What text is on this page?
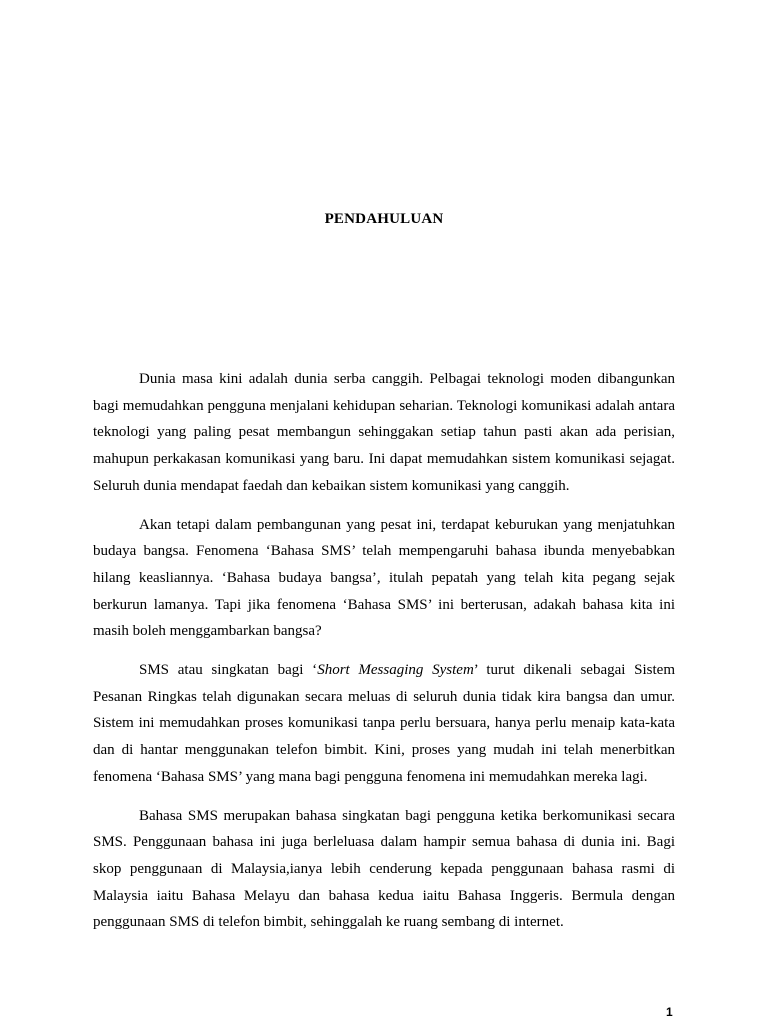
PENDAHULUAN

Dunia masa kini adalah dunia serba canggih. Pelbagai teknologi moden dibangunkan bagi memudahkan pengguna menjalani kehidupan seharian. Teknologi komunikasi adalah antara teknologi yang paling pesat membangun sehinggakan setiap tahun pasti akan ada perisian, mahupun perkakasan komunikasi yang baru. Ini dapat memudahkan sistem komunikasi sejagat. Seluruh dunia mendapat faedah dan kebaikan sistem komunikasi yang canggih.

Akan tetapi dalam pembangunan yang pesat ini, terdapat keburukan yang menjatuhkan budaya bangsa. Fenomena ‘Bahasa SMS’ telah mempengaruhi bahasa ibunda menyebabkan hilang keasliannya. ‘Bahasa budaya bangsa’, itulah pepatah yang telah kita pegang sejak berkurun lamanya. Tapi jika fenomena ‘Bahasa SMS’ ini berterusan, adakah bahasa kita ini masih boleh menggambarkan bangsa?

SMS atau singkatan bagi ‘Short Messaging System’ turut dikenali sebagai Sistem Pesanan Ringkas telah digunakan secara meluas di seluruh dunia tidak kira bangsa dan umur. Sistem ini memudahkan proses komunikasi tanpa perlu bersuara, hanya perlu menaip kata-kata dan di hantar menggunakan telefon bimbit. Kini, proses yang mudah ini telah menerbitkan fenomena ‘Bahasa SMS’ yang mana bagi pengguna fenomena ini memudahkan mereka lagi.

Bahasa SMS merupakan bahasa singkatan bagi pengguna ketika berkomunikasi secara SMS. Penggunaan bahasa ini juga berleluasa dalam hampir semua bahasa di dunia ini. Bagi skop penggunaan di Malaysia,ianya lebih cenderung kepada penggunaan bahasa rasmi di Malaysia iaitu Bahasa Melayu dan bahasa kedua iaitu Bahasa Inggeris. Bermula dengan penggunaan SMS di telefon bimbit, sehinggalah ke ruang sembang di internet.

1
